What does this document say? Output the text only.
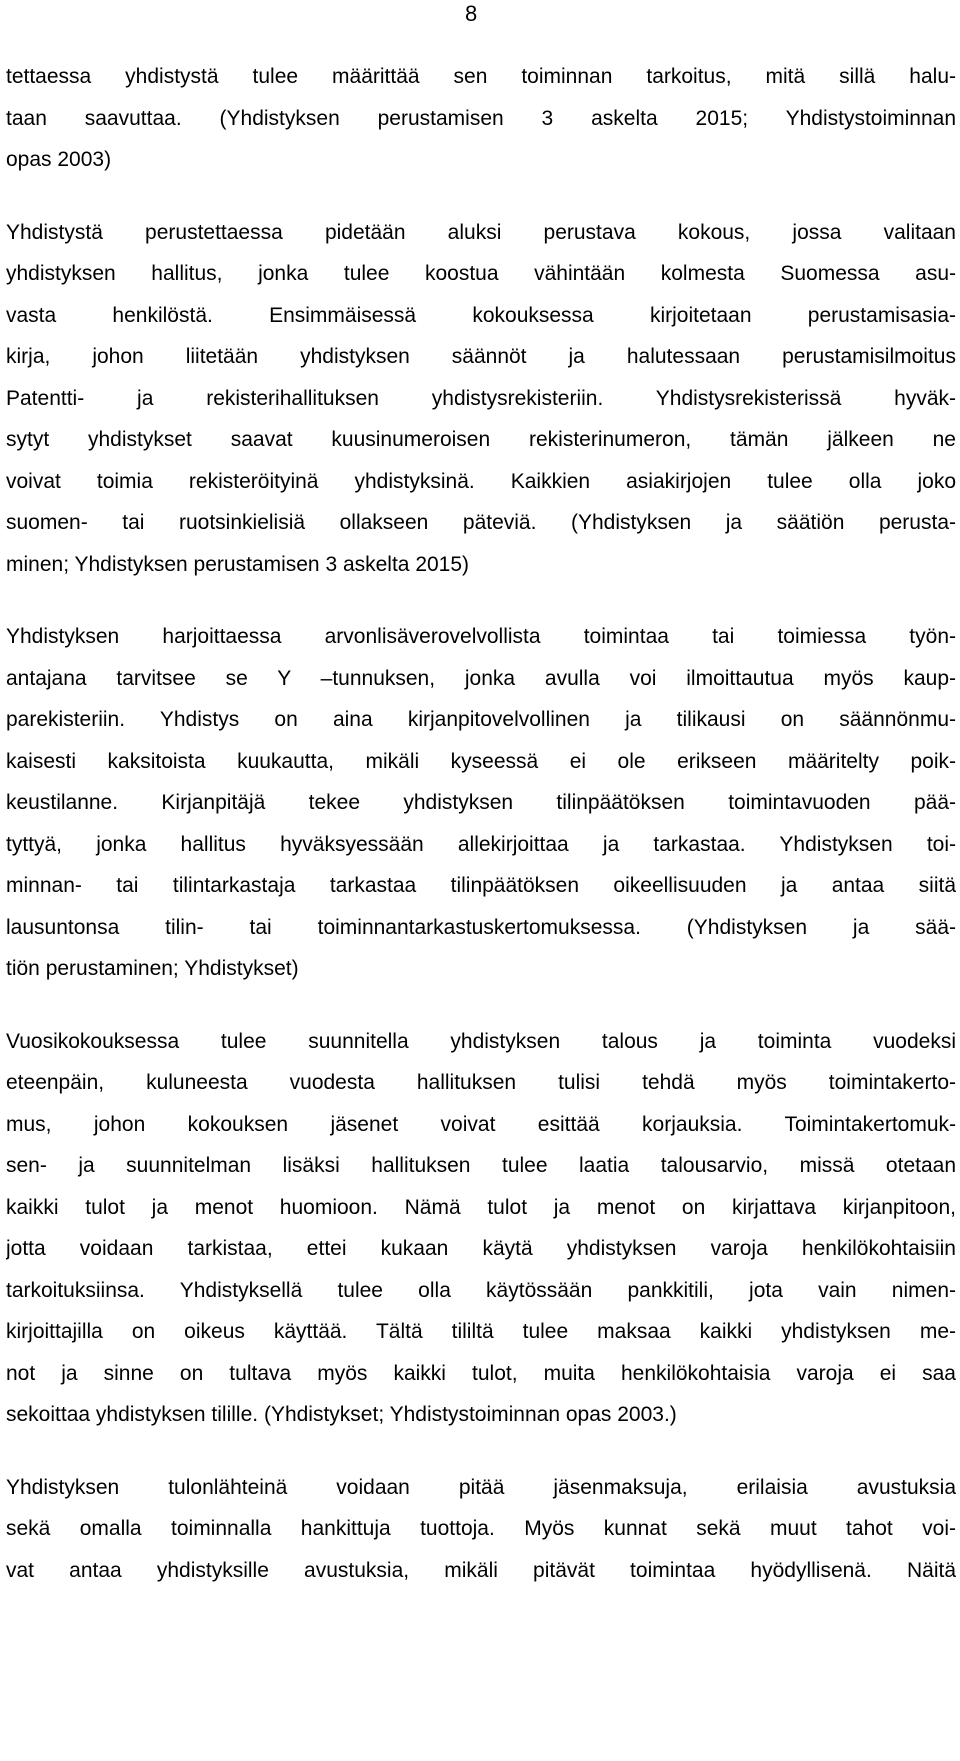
8
tettaessa yhdistystä tulee määrittää sen toiminnan tarkoitus, mitä sillä halu-
taan saavuttaa. (Yhdistyksen perustamisen 3 askelta 2015; Yhdistystoiminnan
opas 2003)
Yhdistystä perustettaessa pidetään aluksi perustava kokous, jossa valitaan
yhdistyksen hallitus, jonka tulee koostua vähintään kolmesta Suomessa asu-
vasta henkilöstä. Ensimmäisessä kokouksessa kirjoitetaan perustamisasia-
kirja, johon liitetään yhdistyksen säännöt ja halutessaan perustamisilmoitus
Patentti- ja rekisterihallituksen yhdistysrekisteriin. Yhdistysrekisterissä hyväk-
sytyt yhdistykset saavat kuusinumeroisen rekisterinumeron, tämän jälkeen ne
voivat toimia rekisteröityinä yhdistyksinä. Kaikkien asiakirjojen tulee olla joko
suomen- tai ruotsinkielisiä ollakseen päteviä. (Yhdistyksen ja säätiön perusta-
minen; Yhdistyksen perustamisen 3 askelta 2015)
Yhdistyksen harjoittaessa arvonlisäverovelvollista toimintaa tai toimiessa työn-
antajana tarvitsee se Y –tunnuksen, jonka avulla voi ilmoittautua myös kaup-
parekisteriin. Yhdistys on aina kirjanpitovelvollinen ja tilikausi on säännönmu-
kaisesti kaksitoista kuukautta, mikäli kyseessä ei ole erikseen määritelty poik-
keustilanne. Kirjanpitäjä tekee yhdistyksen tilinpäätöksen toimintavuoden pää-
tyttyä, jonka hallitus hyväksyessään allekirjoittaa ja tarkastaa. Yhdistyksen toi-
minnan- tai tilintarkastaja tarkastaa tilinpäätöksen oikeellisuuden ja antaa siitä
lausuntonsa tilin- tai toiminnantarkastuskertomuksessa. (Yhdistyksen ja sää-
tiön perustaminen; Yhdistykset)
Vuosikokouksessa tulee suunnitella yhdistyksen talous ja toiminta vuodeksi
eteenpäin, kuluneesta vuodesta hallituksen tulisi tehdä myös toimintakerto-
mus, johon kokouksen jäsenet voivat esittää korjauksia. Toimintakertomuk-
sen- ja suunnitelman lisäksi hallituksen tulee laatia talousarvio, missä otetaan
kaikki tulot ja menot huomioon. Nämä tulot ja menot on kirjattava kirjanpitoon,
jotta voidaan tarkistaa, ettei kukaan käytä yhdistyksen varoja henkilökohtaisiin
tarkoituksiinsa. Yhdistyksellä tulee olla käytössään pankkitili, jota vain nimen-
kirjoittajilla on oikeus käyttää. Tältä tililtä tulee maksaa kaikki yhdistyksen me-
not ja sinne on tultava myös kaikki tulot, muita henkilökohtaisia varoja ei saa
sekoittaa yhdistyksen tilille. (Yhdistykset; Yhdistystoiminnan opas 2003.)
Yhdistyksen tulonlähteinä voidaan pitää jäsenmaksuja, erilaisia avustuksia
sekä omalla toiminnalla hankittuja tuottoja. Myös kunnat sekä muut tahot voi-
vat antaa yhdistyksille avustuksia, mikäli pitävät toimintaa hyödyllisenä. Näitä
